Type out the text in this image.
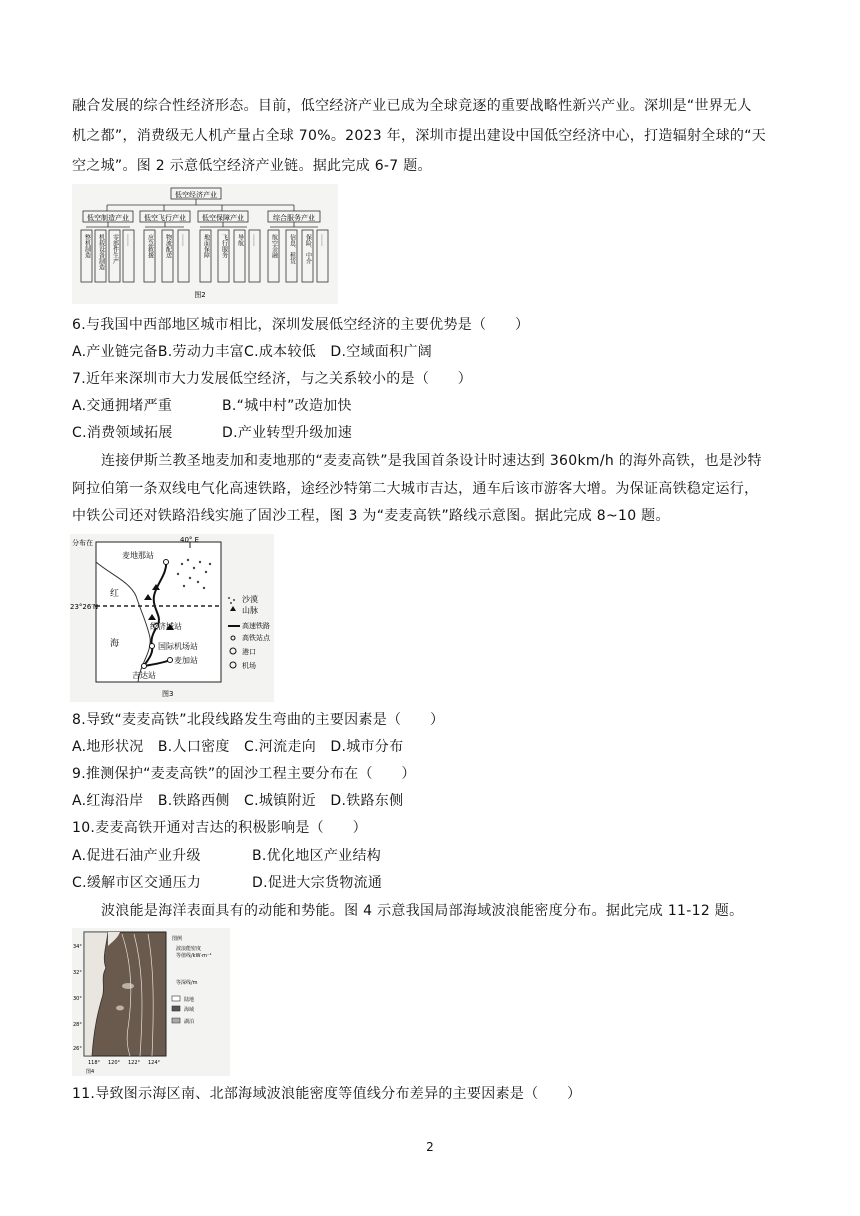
融合发展的综合性经济形态。目前，低空经济产业已成为全球竞逐的重要战略性新兴产业。深圳是“世界无人
机之都”，消费级无人机产量占全球 70%。2023 年，深圳市提出建设中国低空经济中心，打造辐射全球的“天
空之城”。图 2 示意低空经济产业链。据此完成 6-7 题。
低空经济产业
低空制造产业 低空飞行产业 低空保障产业	综合服务产业
图2
整机制造 机载设备制造 零部件生产 …… 应急救援 物流配送 ……	地面保障 飞行服务 导航 …… 航空金融 信息、租赁 保险、中介 ……
6.与我国中西部地区城市相比，深圳发展低空经济的主要优势是（　　）
A.产业链完备B.劳动力丰富C.成本较低　D.空域面积广阔
7.近年来深圳市大力发展低空经济，与之关系较小的是（　　）
A.交通拥堵严重	B.“城中村”改造加快
C.消费领域拓展	D.产业转型升级加速
连接伊斯兰教圣地麦加和麦地那的“麦麦高铁”是我国首条设计时速达到 360km/h 的海外高铁，也是沙特
阿拉伯第一条双线电气化高速铁路，途经沙特第二大城市吉达，通车后该市游客大增。为保证高铁稳定运行，
中铁公司还对铁路沿线实施了固沙工程，图 3 为“麦麦高铁”路线示意图。据此完成 8~10 题。
分布在	40° E
23°26′N
麦地那站
经济城站
国际机场站
麦加站
吉达站
红
海
沙漠
山脉
高速铁路
高铁站点
港口
机场
图3
8.导致“麦麦高铁”北段线路发生弯曲的主要因素是（　　）
A.地形状况　B.人口密度　C.河流走向　D.城市分布
9.推测保护“麦麦高铁”的固沙工程主要分布在（　　）
A.红海沿岸　B.铁路西侧　C.城镇附近　D.铁路东侧
10.麦麦高铁开通对吉达的积极影响是（　　）
A.促进石油产业升级	B.优化地区产业结构
C.缓解市区交通压力	D.促进大宗货物流通
波浪能是海洋表面具有的动能和势能。图 4 示意我国局部海域波浪能密度分布。据此完成 11-12 题。
图例
波浪能密度
等值线/kW·m⁻¹
等深线/m
陆地
海域
湖泊
34°
32°
30°
28°
26°
118° 120° 122° 124°
图4
11.导致图示海区南、北部海域波浪能密度等值线分布差异的主要因素是（　　）
2
